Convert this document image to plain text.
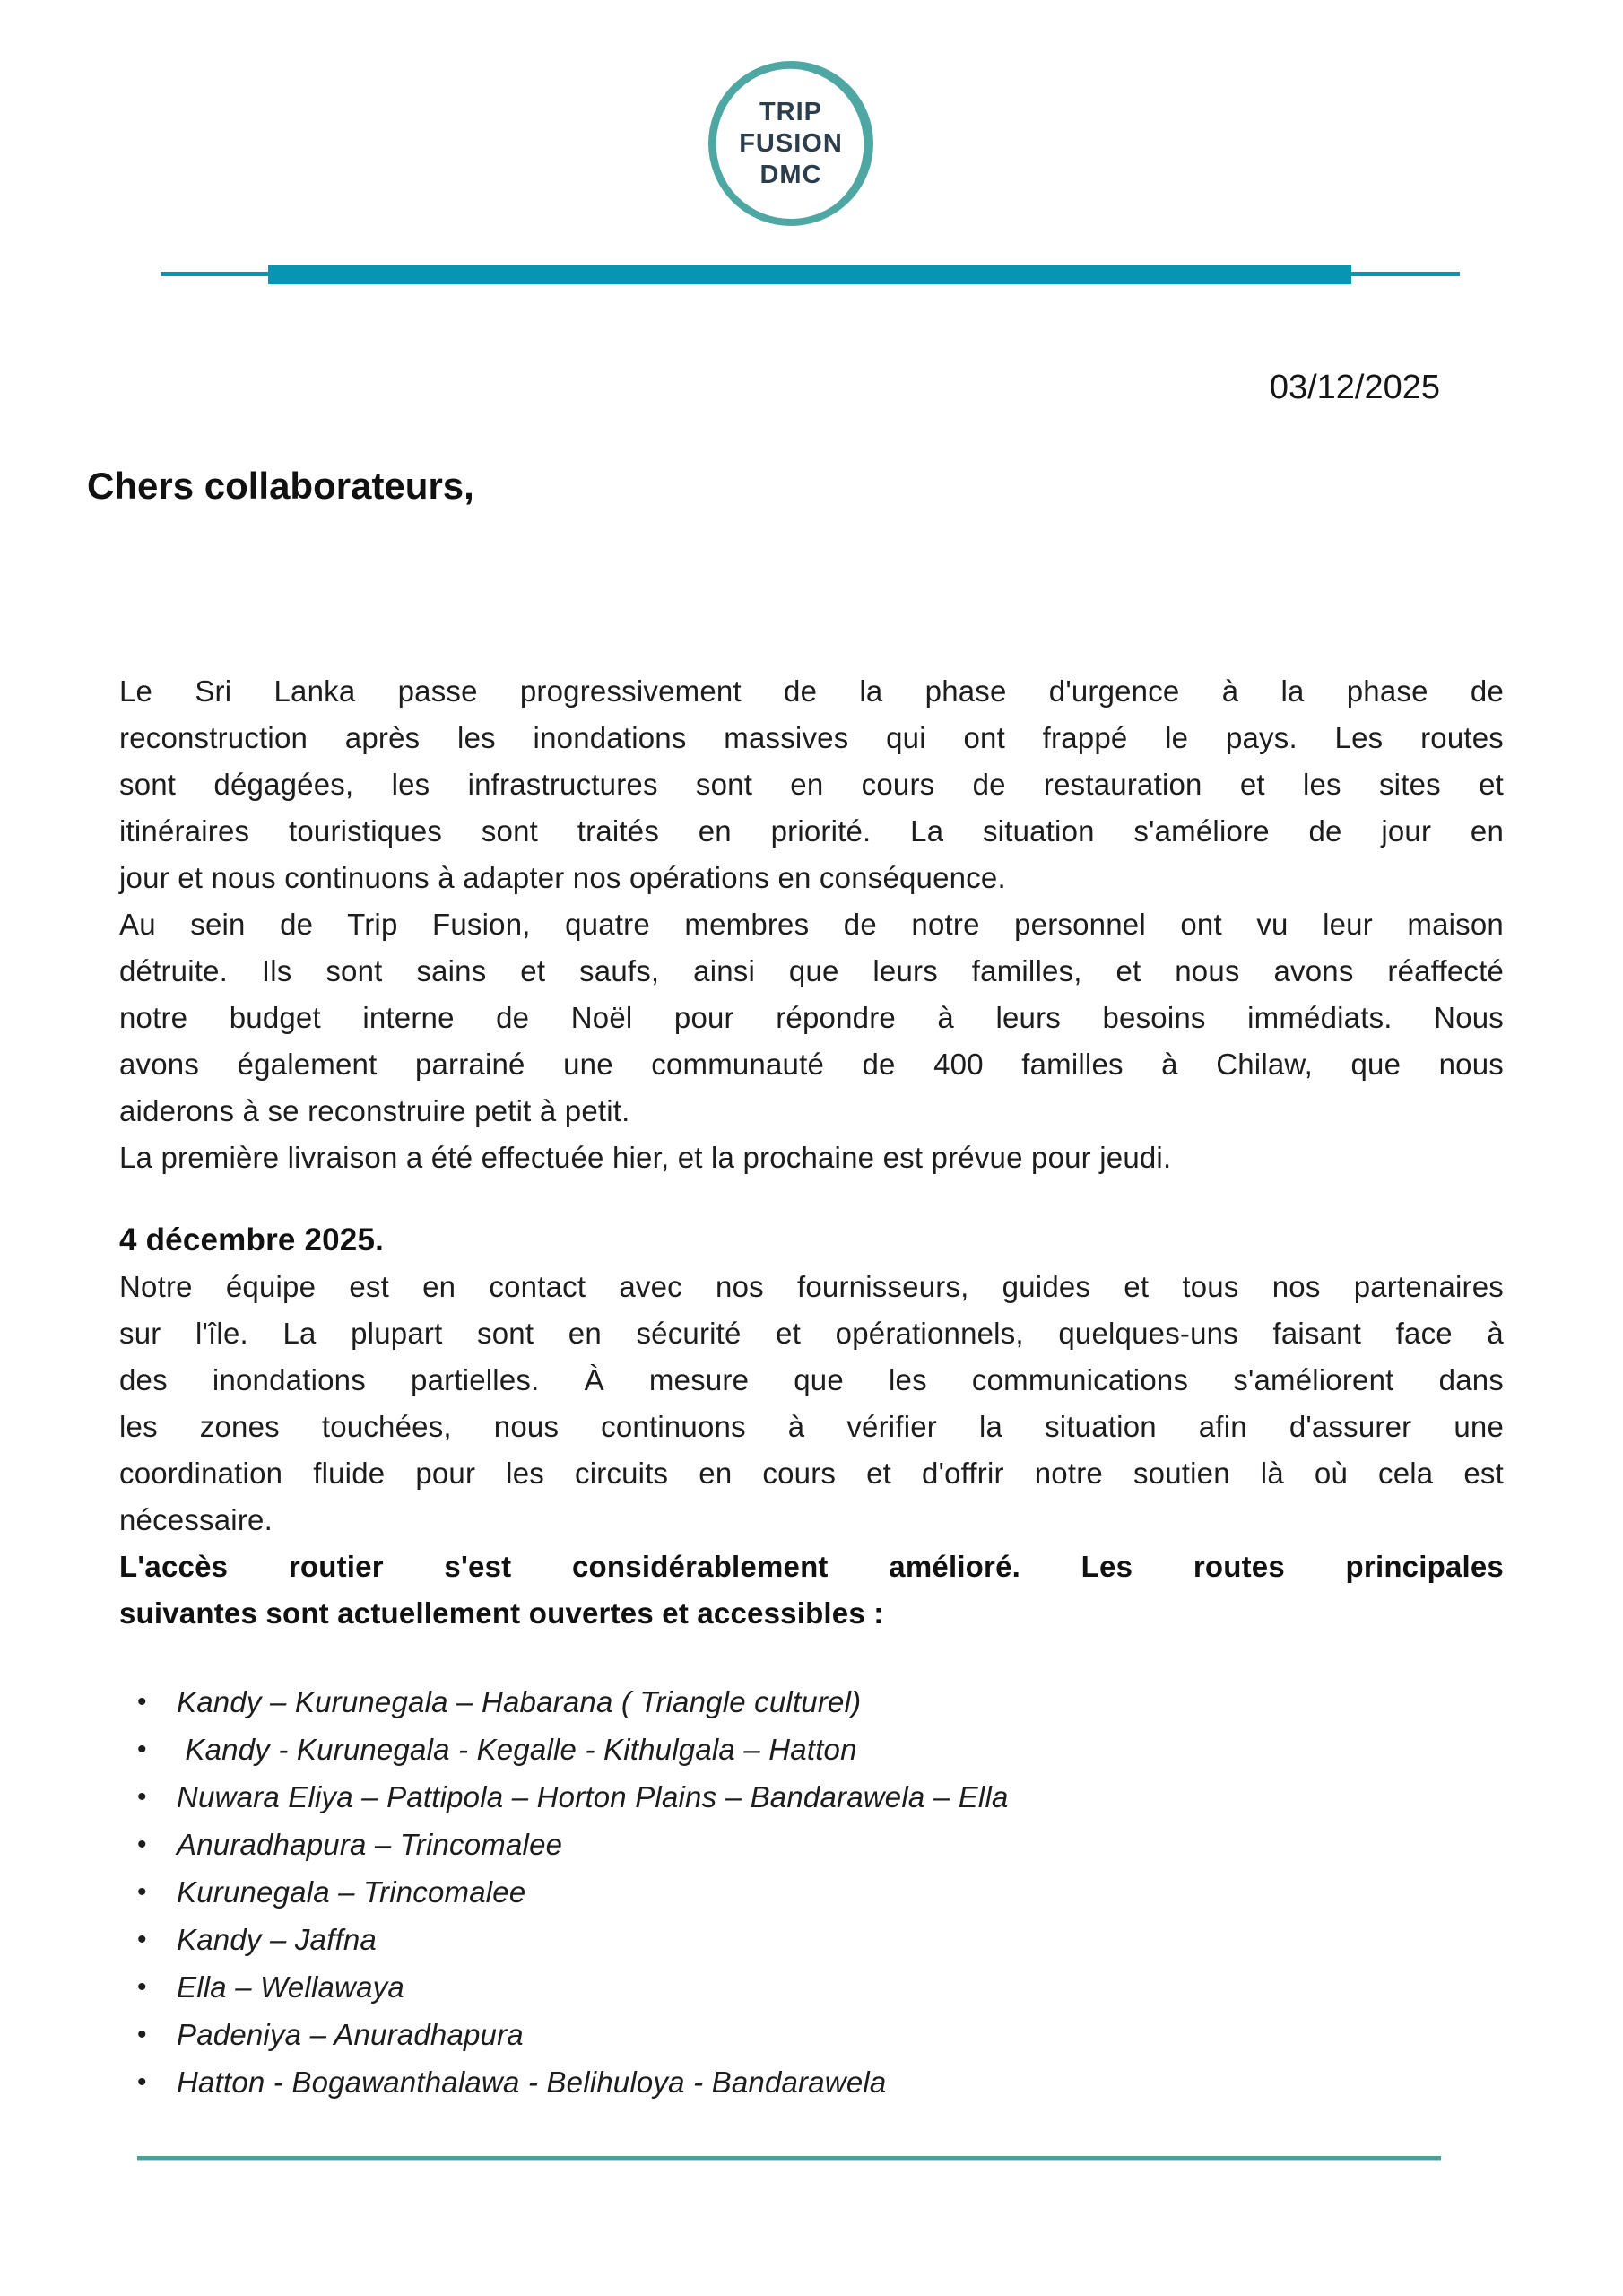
TRIP
FUSION
DMC
03/12/2025
Chers collaborateurs,
Le Sri Lanka passe progressivement de la phase d'urgence à la phase de
reconstruction après les inondations massives qui ont frappé le pays. Les routes
sont dégagées, les infrastructures sont en cours de restauration et les sites et
itinéraires touristiques sont traités en priorité. La situation s'améliore de jour en
jour et nous continuons à adapter nos opérations en conséquence.
Au sein de Trip Fusion, quatre membres de notre personnel ont vu leur maison
détruite. Ils sont sains et saufs, ainsi que leurs familles, et nous avons réaffecté
notre budget interne de Noël pour répondre à leurs besoins immédiats. Nous
avons également parrainé une communauté de 400 familles à Chilaw, que nous
aiderons à se reconstruire petit à petit.
La première livraison a été effectuée hier, et la prochaine est prévue pour jeudi.
4 décembre 2025.
Notre équipe est en contact avec nos fournisseurs, guides et tous nos partenaires
sur l'île. La plupart sont en sécurité et opérationnels, quelques-uns faisant face à
des inondations partielles. À mesure que les communications s'améliorent dans
les zones touchées, nous continuons à vérifier la situation afin d'assurer une
coordination fluide pour les circuits en cours et d'offrir notre soutien là où cela est
nécessaire.
L'accès routier s'est considérablement amélioré. Les routes principales
suivantes sont actuellement ouvertes et accessibles :
• Kandy – Kurunegala – Habarana ( Triangle culturel)
• Kandy - Kurunegala - Kegalle - Kithulgala – Hatton
• Nuwara Eliya – Pattipola – Horton Plains – Bandarawela – Ella
• Anuradhapura – Trincomalee
• Kurunegala – Trincomalee
• Kandy – Jaffna
• Ella – Wellawaya
• Padeniya – Anuradhapura
• Hatton - Bogawanthalawa - Belihuloya - Bandarawela
